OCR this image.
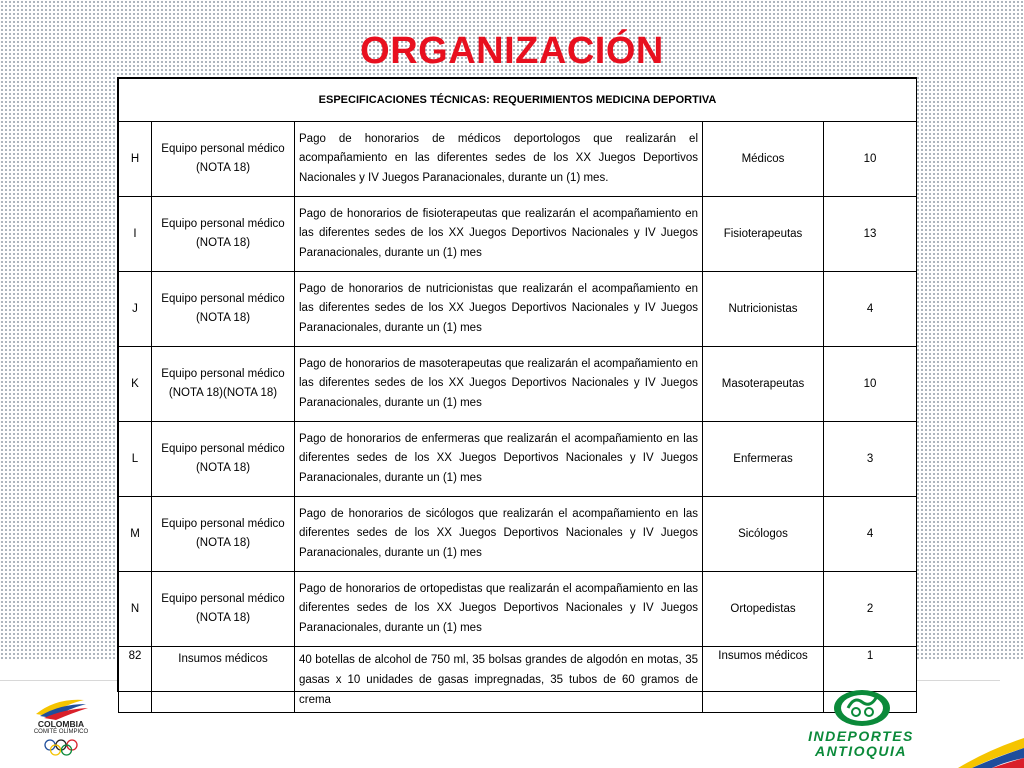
ORGANIZACIÓN
ESPECIFICACIONES TÉCNICAS: REQUERIMIENTOS MEDICINA DEPORTIVA				
H	Equipo personal médico (NOTA 18)	Pago de honorarios de médicos deportologos que realizarán el acompañamiento en las diferentes sedes de los XX Juegos Deportivos Nacionales y IV Juegos Paranacionales, durante un (1) mes.	Médicos	10
I	Equipo personal médico (NOTA 18)	Pago de honorarios de fisioterapeutas que realizarán el acompañamiento en las diferentes sedes de los XX Juegos Deportivos Nacionales y IV Juegos Paranacionales, durante un (1) mes	Fisioterapeutas	13
J	Equipo personal médico (NOTA 18)	Pago de honorarios de nutricionistas que realizarán el acompañamiento en las diferentes sedes de los XX Juegos Deportivos Nacionales y IV Juegos Paranacionales, durante un (1) mes	Nutricionistas	4
K	Equipo personal médico (NOTA 18)(NOTA 18)	Pago de honorarios de masoterapeutas que realizarán el acompañamiento en las diferentes sedes de los XX Juegos Deportivos Nacionales y IV Juegos Paranacionales, durante un (1) mes	Masoterapeutas	10
L	Equipo personal médico (NOTA 18)	Pago de honorarios de enfermeras que realizarán el acompañamiento en las diferentes sedes de los XX Juegos Deportivos Nacionales y IV Juegos Paranacionales, durante un (1) mes	Enfermeras	3
M	Equipo personal médico (NOTA 18)	Pago de honorarios de sicólogos que realizarán el acompañamiento en las diferentes sedes de los XX Juegos Deportivos Nacionales y IV Juegos Paranacionales, durante un (1) mes	Sicólogos	4
N	Equipo personal médico (NOTA 18)	Pago de honorarios de ortopedistas que realizarán el acompañamiento en las diferentes sedes de los XX Juegos Deportivos Nacionales y IV Juegos Paranacionales, durante un (1) mes	Ortopedistas	2
82	Insumos médicos	40 botellas de alcohol de 750 ml, 35 bolsas grandes de algodón en motas, 35 gasas x 10 unidades de gasas impregnadas, 35 tubos de 60 gramos de crema	Insumos médicos	1
COLOMBIA
COMITÉ OLÍMPICO	INDEPORTES
ANTIOQUIA
